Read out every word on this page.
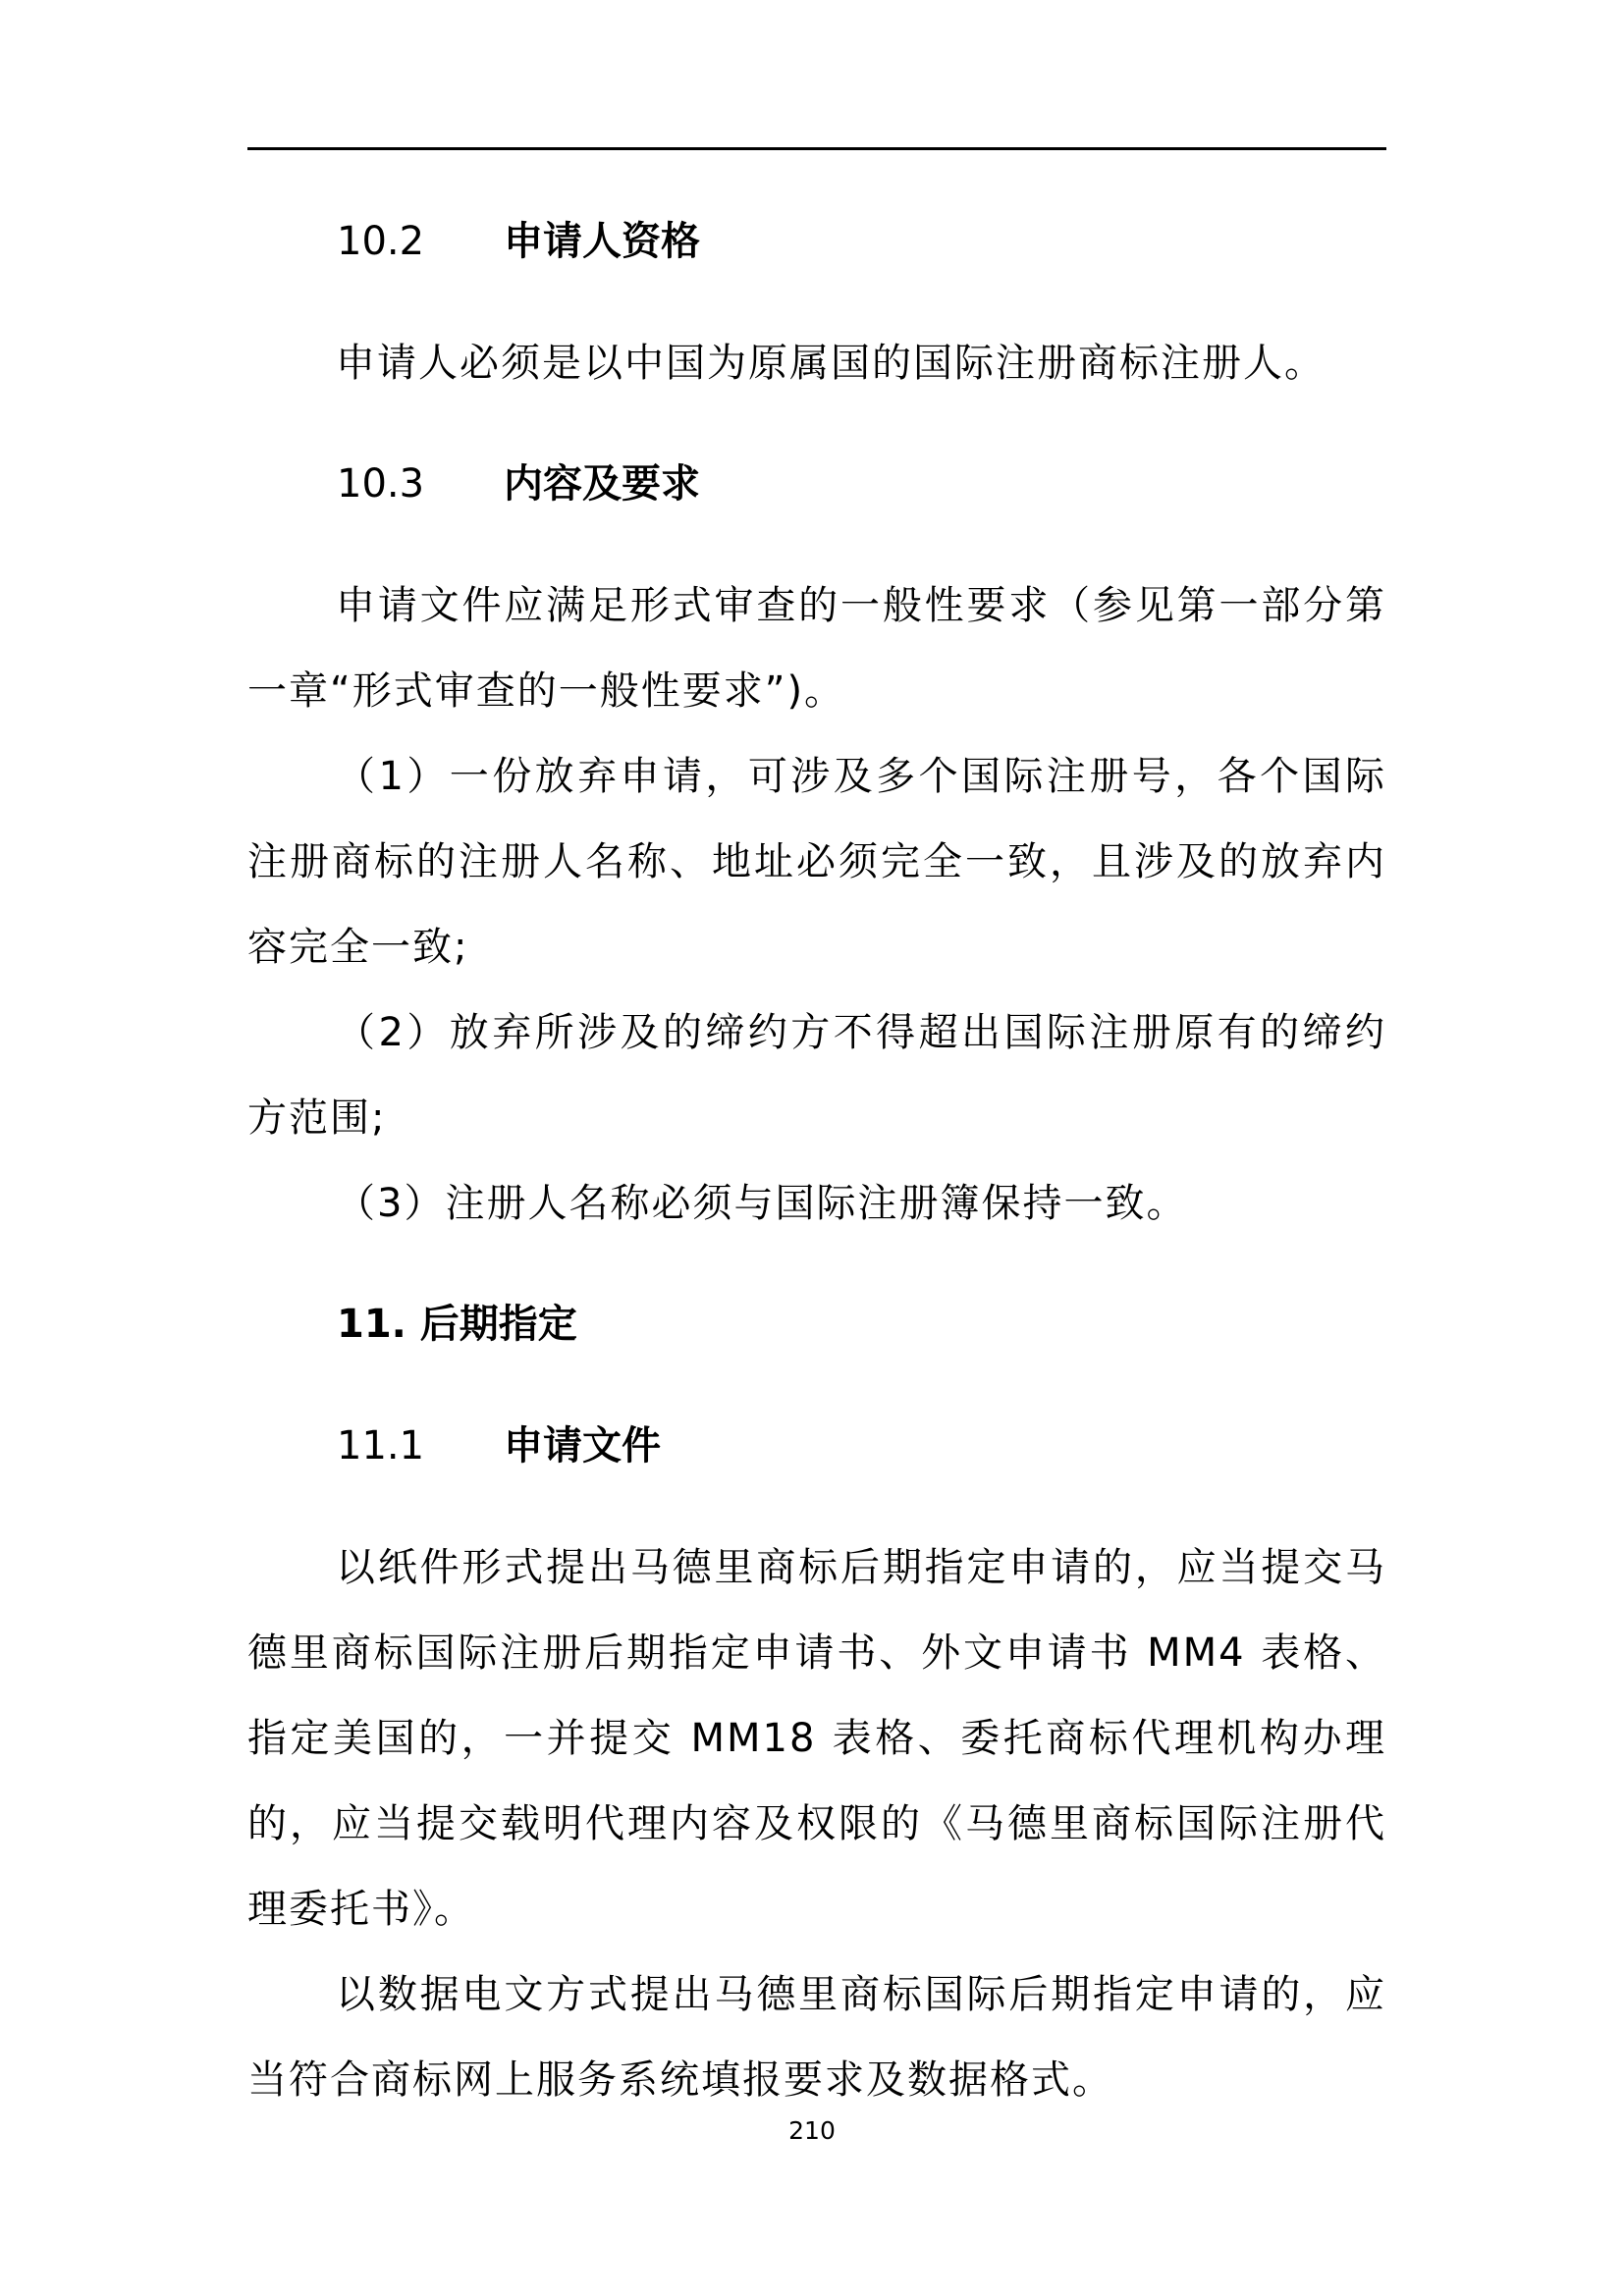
10.2 申请人资格

申请人必须是以中国为原属国的国际注册商标注册人。

10.3 内容及要求

申请文件应满足形式审查的一般性要求（参见第一部分第一章“形式审查的一般性要求”)。

（1）一份放弃申请，可涉及多个国际注册号，各个国际注册商标的注册人名称、地址必须完全一致，且涉及的放弃内容完全一致;

（2）放弃所涉及的缔约方不得超出国际注册原有的缔约方范围;

（3）注册人名称必须与国际注册簿保持一致。

11. 后期指定
11.1 申请文件

以纸件形式提出马德里商标后期指定申请的，应当提交马德里商标国际注册后期指定申请书、外文申请书 MM4 表格、指定美国的，一并提交 MM18 表格、委托商标代理机构办理的，应当提交载明代理内容及权限的《马德里商标国际注册代理委托书》。

以数据电文方式提出马德里商标国际后期指定申请的，应当符合商标网上服务系统填报要求及数据格式。

210
